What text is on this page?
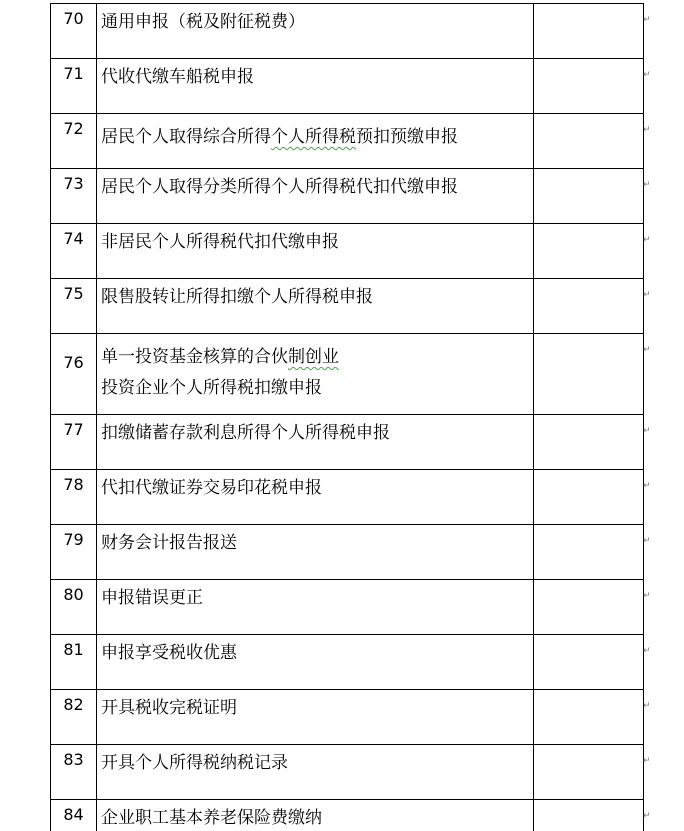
70	通用申报（税及附征税费）	
71	代收代缴车船税申报	
72	居民个人取得综合所得个人所得税预扣预缴申报	
73	居民个人取得分类所得个人所得税代扣代缴申报	
74	非居民个人所得税代扣代缴申报	
75	限售股转让所得扣缴个人所得税申报	
76	单一投资基金核算的合伙制创业投资企业个人所得税扣缴申报	
77	扣缴储蓄存款利息所得个人所得税申报	
78	代扣代缴证券交易印花税申报	
79	财务会计报告报送	
80	申报错误更正	
81	申报享受税收优惠	
82	开具税收完税证明	
83	开具个人所得税纳税记录	
84	企业职工基本养老保险费缴纳	
↵
↵
↵
↵
↵
↵
↵
↵
↵
↵
↵
↵
↵
↵
↵
